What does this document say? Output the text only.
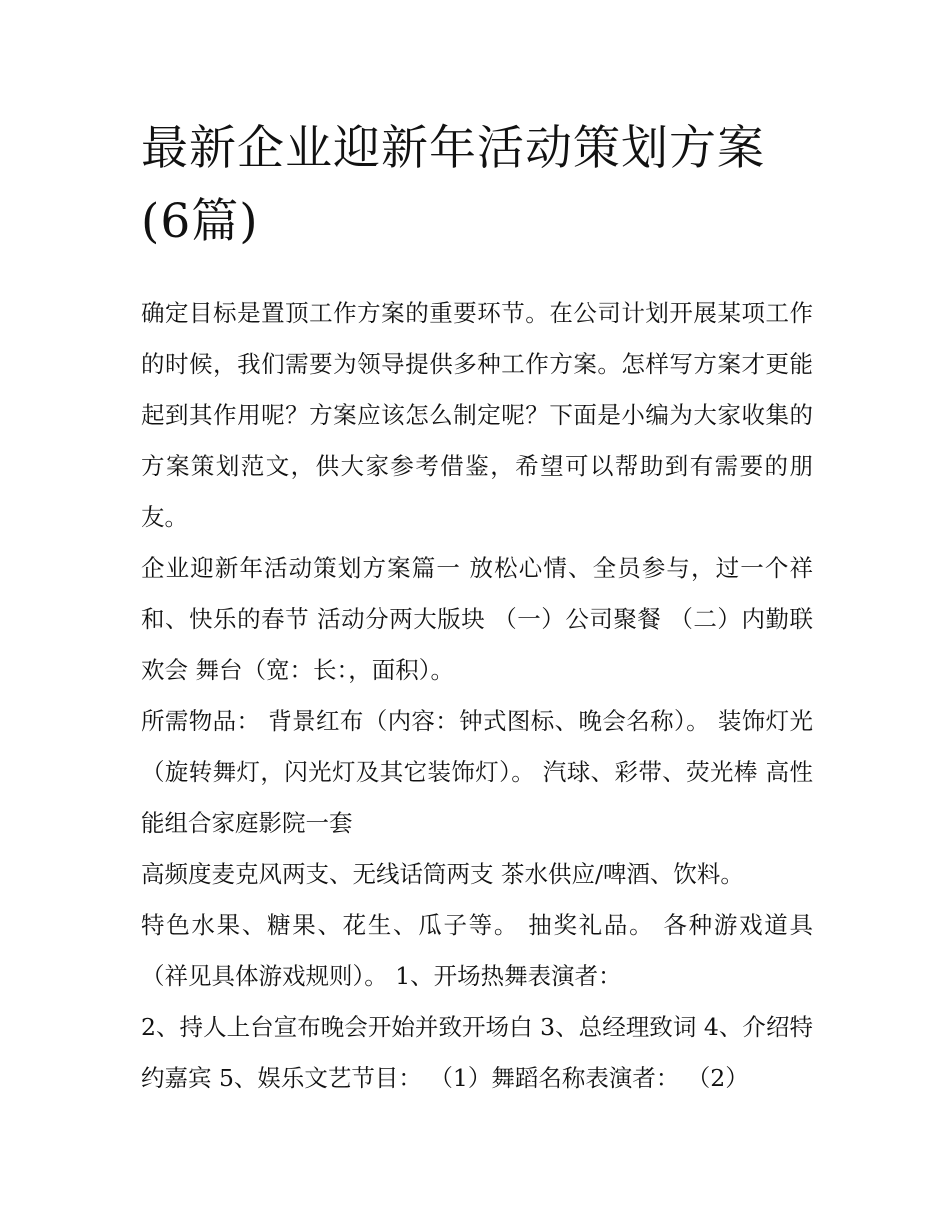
最新企业迎新年活动策划方案(6篇)

确定目标是置顶工作方案的重要环节。在公司计划开展某项工作的时候，我们需要为领导提供多种工作方案。怎样写方案才更能起到其作用呢？方案应该怎么制定呢？下面是小编为大家收集的方案策划范文，供大家参考借鉴，希望可以帮助到有需要的朋友。

企业迎新年活动策划方案篇一 放松心情、全员参与，过一个祥和、快乐的春节 活动分两大版块 （一）公司聚餐 （二）内勤联欢会 舞台（宽：长：，面积）。

所需物品： 背景红布（内容：钟式图标、晚会名称）。 装饰灯光（旋转舞灯，闪光灯及其它装饰灯）。 汽球、彩带、荧光棒 高性能组合家庭影院一套

高频度麦克风两支、无线话筒两支 茶水供应/啤酒、饮料。

特色水果、糖果、花生、瓜子等。 抽奖礼品。 各种游戏道具（祥见具体游戏规则）。 1、开场热舞表演者：

2、持人上台宣布晚会开始并致开场白 3、总经理致词 4、介绍特约嘉宾 5、娱乐文艺节目： （1）舞蹈名称表演者： （2）
